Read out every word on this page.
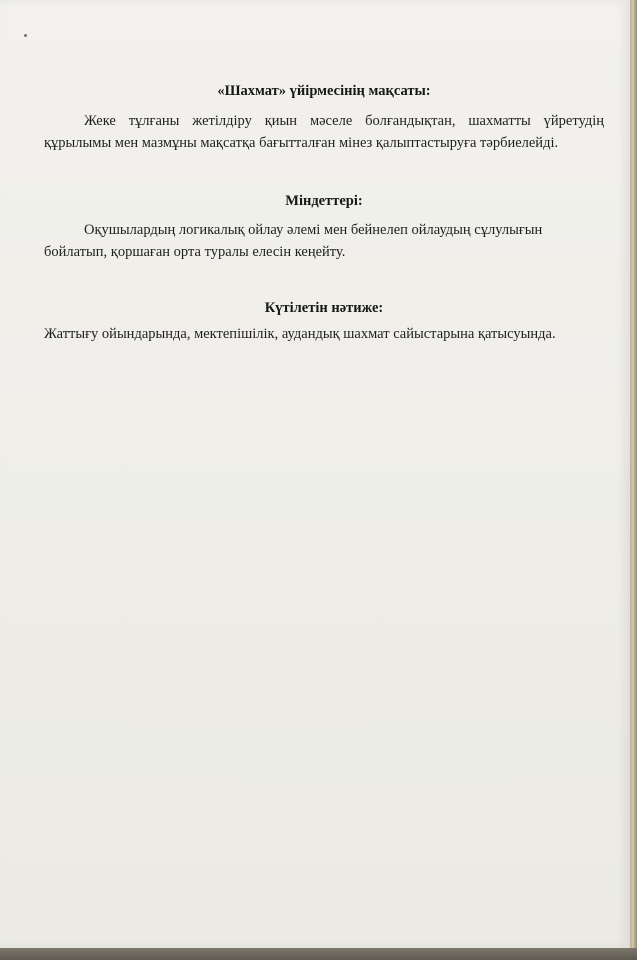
«Шахмат» үйірмесінің мақсаты:
Жеке тұлғаны жетілдіру қиын мәселе болғандықтан, шахматты үйретудің
құрылымы мен мазмұны мақсатқа бағытталған мінез қалыптастыруға тәрбиелейді.
Міндеттері:
Оқушылардың логикалық ойлау әлемі мен бейнелеп ойлаудың сұлулығын
бойлатып, қоршаған орта туралы елесін кеңейту.
Күтілетін нәтиже:
Жаттығу ойындарында, мектепішілік, аудандық шахмат сайыстарына қатысуында.
